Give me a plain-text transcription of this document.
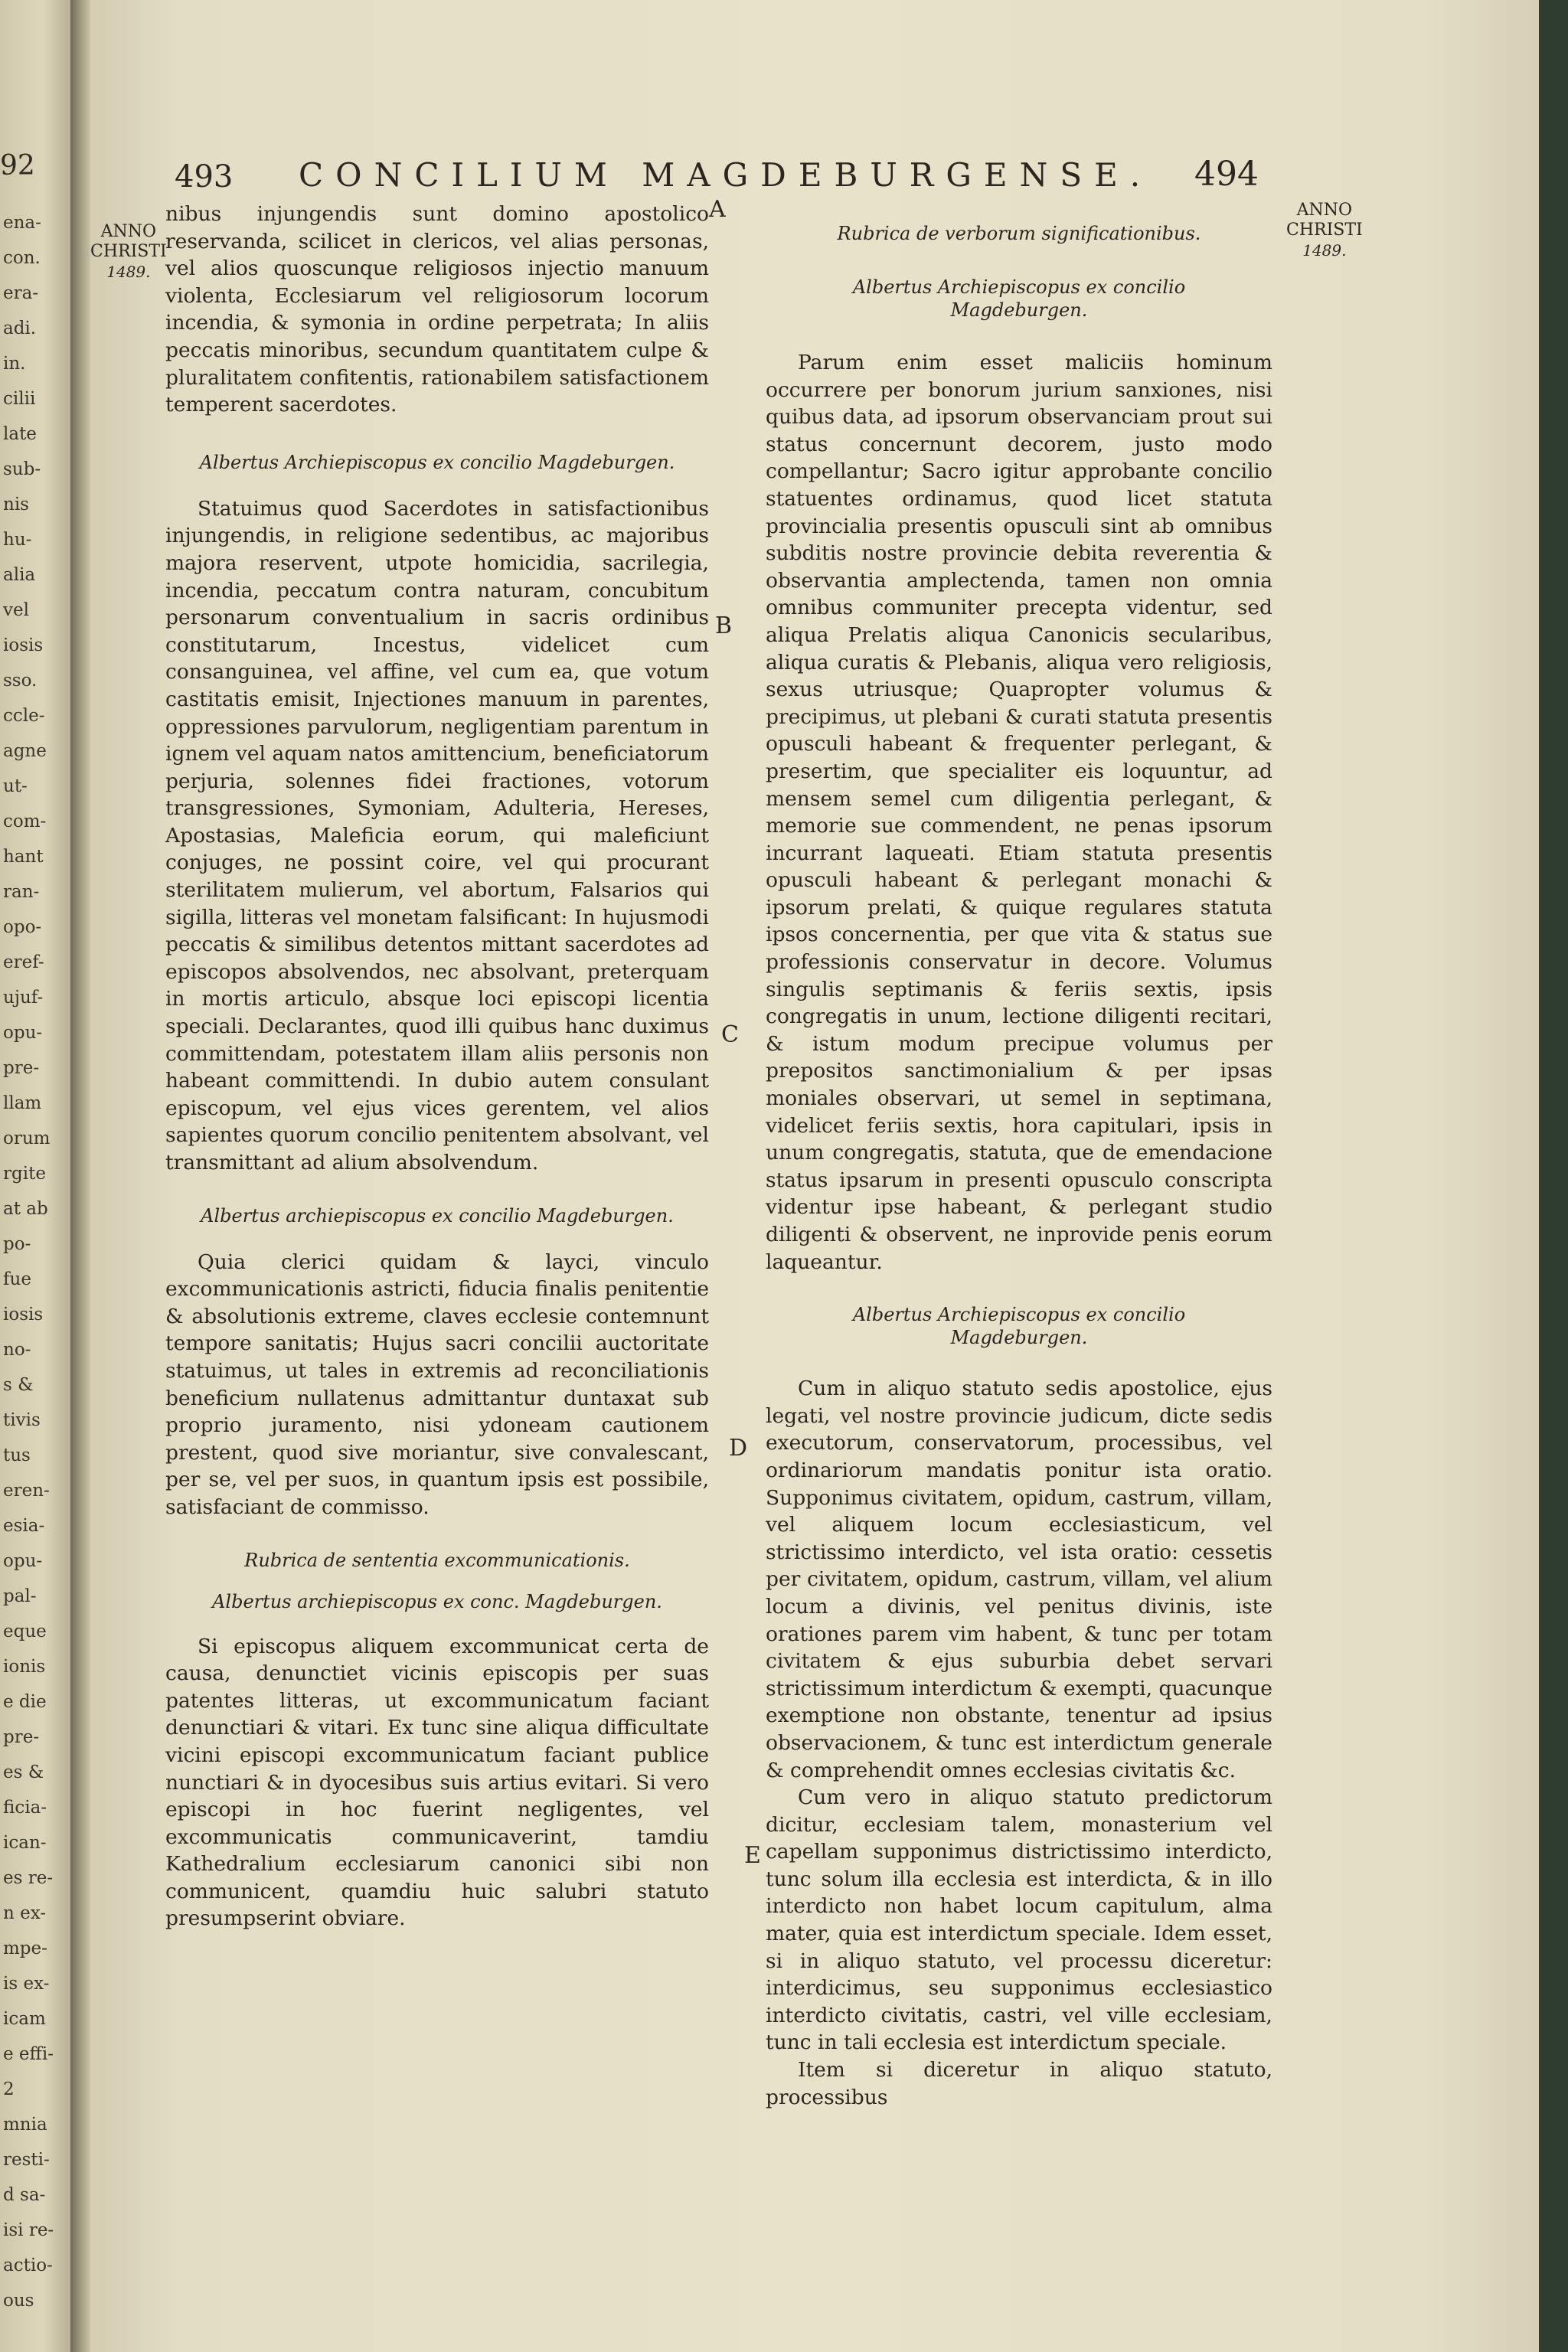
92
ena-
con.
era-
adi.
in.
cilii
late
sub-
nis
hu-
alia
vel
iosis
sso.
ccle-
agne
ut-
com-
hant
ran-
opo-
eref-
ujuf-
opu-
pre-
llam
orum
rgite
at ab
po-
fue
iosis
no-
s &
tivis
tus
eren-
esia-
opu-
pal-
eque
ionis
e die
pre-
es &
ficia-
ican-
es re-
n ex-
mpe-
is ex-
icam
e effi-
2
mnia
resti-
d sa-
isi re-
actio-
ous
493 CONCILIUM MAGDEBURGENSE. 494
ANNO
CHRISTI
1489.
ANNO
CHRISTI
1489.
A
B
C
D
E

nibus injungendis sunt domino apostolico reservanda, scilicet in clericos, vel alias personas, vel alios quoscunque religiosos injectio manuum violenta, Ecclesiarum vel religiosorum locorum incendia, & symonia in ordine perpetrata; In aliis peccatis minoribus, secundum quantitatem culpe & pluralitatem confitentis, rationabilem satisfactionem temperent sacerdotes.

Albertus Archiepiscopus ex concilio Magdeburgen.

Statuimus quod Sacerdotes in satisfactionibus injungendis, in religione sedentibus, ac majoribus majora reservent, utpote homicidia, sacrilegia, incendia, peccatum contra naturam, concubitum personarum conventualium in sacris ordinibus constitutarum, Incestus, videlicet cum consanguinea, vel affine, vel cum ea, que votum castitatis emisit, Injectiones manuum in parentes, oppressiones parvulorum, negligentiam parentum in ignem vel aquam natos amittencium, beneficiatorum perjuria, solennes fidei fractiones, votorum transgressiones, Symoniam, Adulteria, Hereses, Apostasias, Maleficia eorum, qui maleficiunt conjuges, ne possint coire, vel qui procurant sterilitatem mulierum, vel abortum, Falsarios qui sigilla, litteras vel monetam falsificant: In hujusmodi peccatis & similibus detentos mittant sacerdotes ad episcopos absolvendos, nec absolvant, preterquam in mortis articulo, absque loci episcopi licentia speciali. Declarantes, quod illi quibus hanc duximus committendam, potestatem illam aliis personis non habeant committendi. In dubio autem consulant episcopum, vel ejus vices gerentem, vel alios sapientes quorum concilio penitentem absolvant, vel transmittant ad alium absolvendum.

Albertus archiepiscopus ex concilio Magdeburgen.

Quia clerici quidam & layci, vinculo excommunicationis astricti, fiducia finalis penitentie & absolutionis extreme, claves ecclesie contemnunt tempore sanitatis; Hujus sacri concilii auctoritate statuimus, ut tales in extremis ad reconciliationis beneficium nullatenus admittantur duntaxat sub proprio juramento, nisi ydoneam cautionem prestent, quod sive moriantur, sive convalescant, per se, vel per suos, in quantum ipsis est possibile, satisfaciant de commisso.

Rubrica de sententia excommunicationis.

Albertus archiepiscopus ex conc. Magdeburgen.

Si episcopus aliquem excommunicat certa de causa, denunctiet vicinis episcopis per suas patentes litteras, ut excommunicatum faciant denunctiari & vitari. Ex tunc sine aliqua difficultate vicini episcopi excommunicatum faciant publice nunctiari & in dyocesibus suis artius evitari. Si vero episcopi in hoc fuerint negligentes, vel excommunicatis communicaverint, tamdiu Kathedralium ecclesiarum canonici sibi non communicent, quamdiu huic salubri statuto presumpserint obviare.

Rubrica de verborum significationibus.

Albertus Archiepiscopus ex concilio Magdeburgen.

Parum enim esset maliciis hominum occurrere per bonorum jurium sanxiones, nisi quibus data, ad ipsorum observanciam prout sui status concernunt decorem, justo modo compellantur; Sacro igitur approbante concilio statuentes ordinamus, quod licet statuta provincialia presentis opusculi sint ab omnibus subditis nostre provincie debita reverentia & observantia amplectenda, tamen non omnia omnibus communiter precepta videntur, sed aliqua Prelatis aliqua Canonicis secularibus, aliqua curatis & Plebanis, aliqua vero religiosis, sexus utriusque; Quapropter volumus & precipimus, ut plebani & curati statuta presentis opusculi habeant & frequenter perlegant, & presertim, que specialiter eis loquuntur, ad mensem semel cum diligentia perlegant, & memorie sue commendent, ne penas ipsorum incurrant laqueati. Etiam statuta presentis opusculi habeant & perlegant monachi & ipsorum prelati, & quique regulares statuta ipsos concernentia, per que vita & status sue professionis conservatur in decore. Volumus singulis septimanis & feriis sextis, ipsis congregatis in unum, lectione diligenti recitari, & istum modum precipue volumus per prepositos sanctimonialium & per ipsas moniales observari, ut semel in septimana, videlicet feriis sextis, hora capitulari, ipsis in unum congregatis, statuta, que de emendacione status ipsarum in presenti opusculo conscripta videntur ipse habeant, & perlegant studio diligenti & observent, ne inprovide penis eorum laqueantur.

Albertus Archiepiscopus ex concilio Magdeburgen.

Cum in aliquo statuto sedis apostolice, ejus legati, vel nostre provincie judicum, dicte sedis executorum, conservatorum, processibus, vel ordinariorum mandatis ponitur ista oratio. Supponimus civitatem, opidum, castrum, villam, vel aliquem locum ecclesiasticum, vel strictissimo interdicto, vel ista oratio: cessetis per civitatem, opidum, castrum, villam, vel alium locum a divinis, vel penitus divinis, iste orationes parem vim habent, & tunc per totam civitatem & ejus suburbia debet servari strictissimum interdictum & exempti, quacunque exemptione non obstante, tenentur ad ipsius observacionem, & tunc est interdictum generale & comprehendit omnes ecclesias civitatis &c.

Cum vero in aliquo statuto predictorum dicitur, ecclesiam talem, monasterium vel capellam supponimus districtissimo interdicto, tunc solum illa ecclesia est interdicta, & in illo interdicto non habet locum capitulum, alma mater, quia est interdictum speciale. Idem esset, si in aliquo statuto, vel processu diceretur: interdicimus, seu supponimus ecclesiastico interdicto civitatis, castri, vel ville ecclesiam, tunc in tali ecclesia est interdictum speciale.

Item si diceretur in aliquo statuto, processibus
